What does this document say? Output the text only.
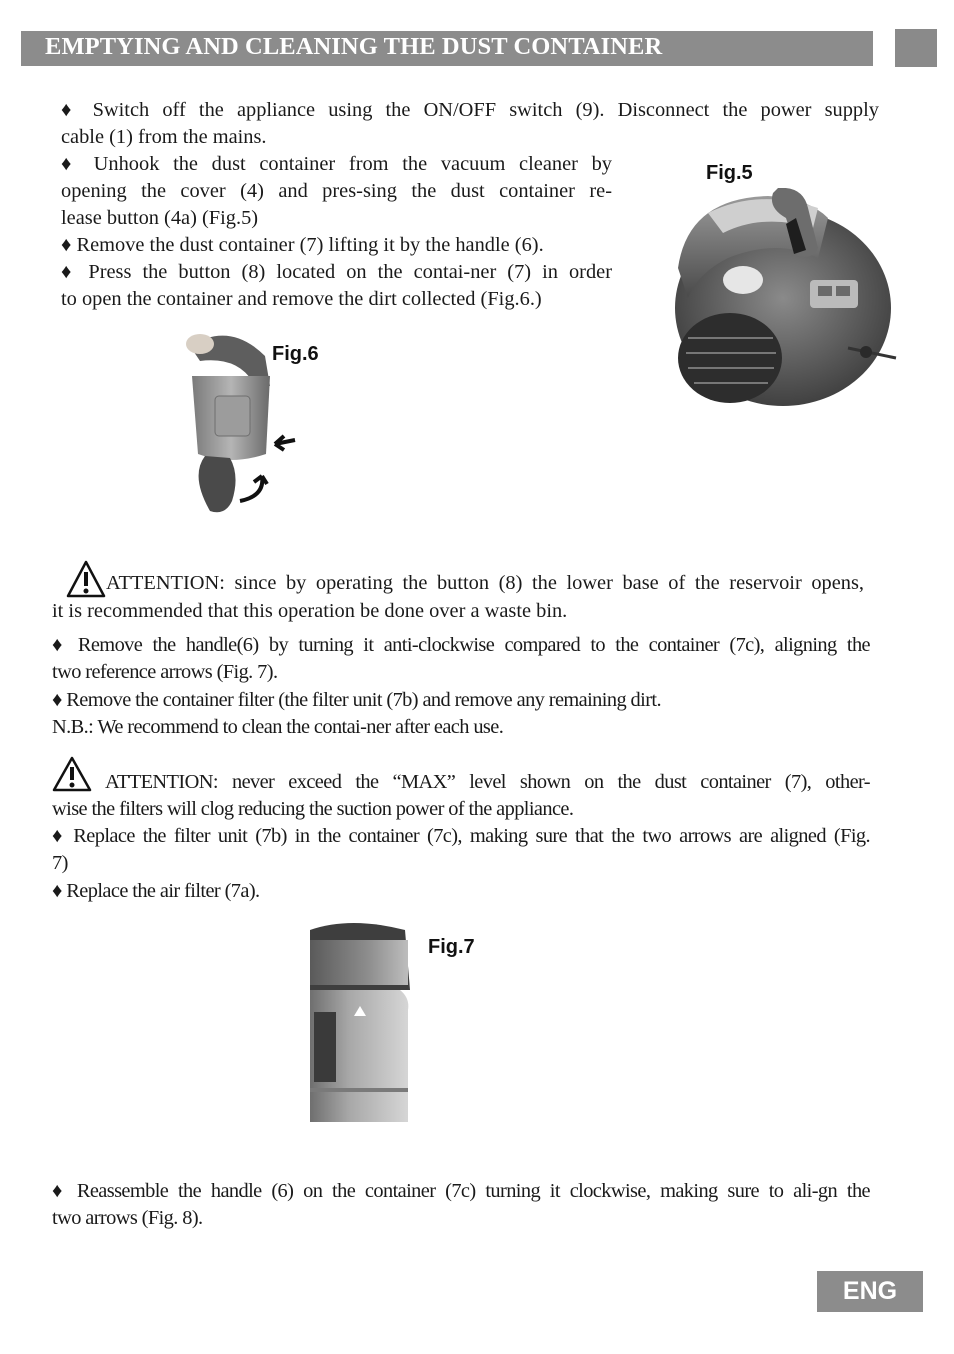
EMPTYING AND CLEANING THE DUST CONTAINER
♦ Switch off the appliance using the ON/OFF switch (9). Disconnect the power supply
cable (1) from the mains.
♦ Unhook the dust container from the vacuum cleaner by
opening the cover (4) and pres-sing the dust container re-
lease button (4a) (Fig.5)
♦ Remove the dust container (7) lifting it by the handle (6).
♦ Press the button (8) located on the contai-ner (7) in order
to open the container and remove the dirt collected (Fig.6.)
Fig.5
Fig.6
ATTENTION: since by operating the button (8) the lower base of the reservoir opens,
it is recommended that this operation be done over a waste bin.
♦ Remove the handle(6) by turning it anti-clockwise compared to the container (7c), aligning the
two reference arrows (Fig. 7).
♦ Remove the container filter (the filter unit (7b) and remove any remaining dirt.
N.B.: We recommend to clean the contai-ner after each use.
ATTENTION: never exceed the “MAX” level shown on the dust container (7), other-
wise the filters will clog reducing the suction power of the appliance.
♦ Replace the filter unit (7b) in the container (7c), making sure that the two arrows are aligned (Fig.
7)
♦ Replace the air filter (7a).
Fig.7
♦ Reassemble the handle (6) on the container (7c) turning it clockwise, making sure to ali-gn the
two arrows (Fig. 8).
ENG
